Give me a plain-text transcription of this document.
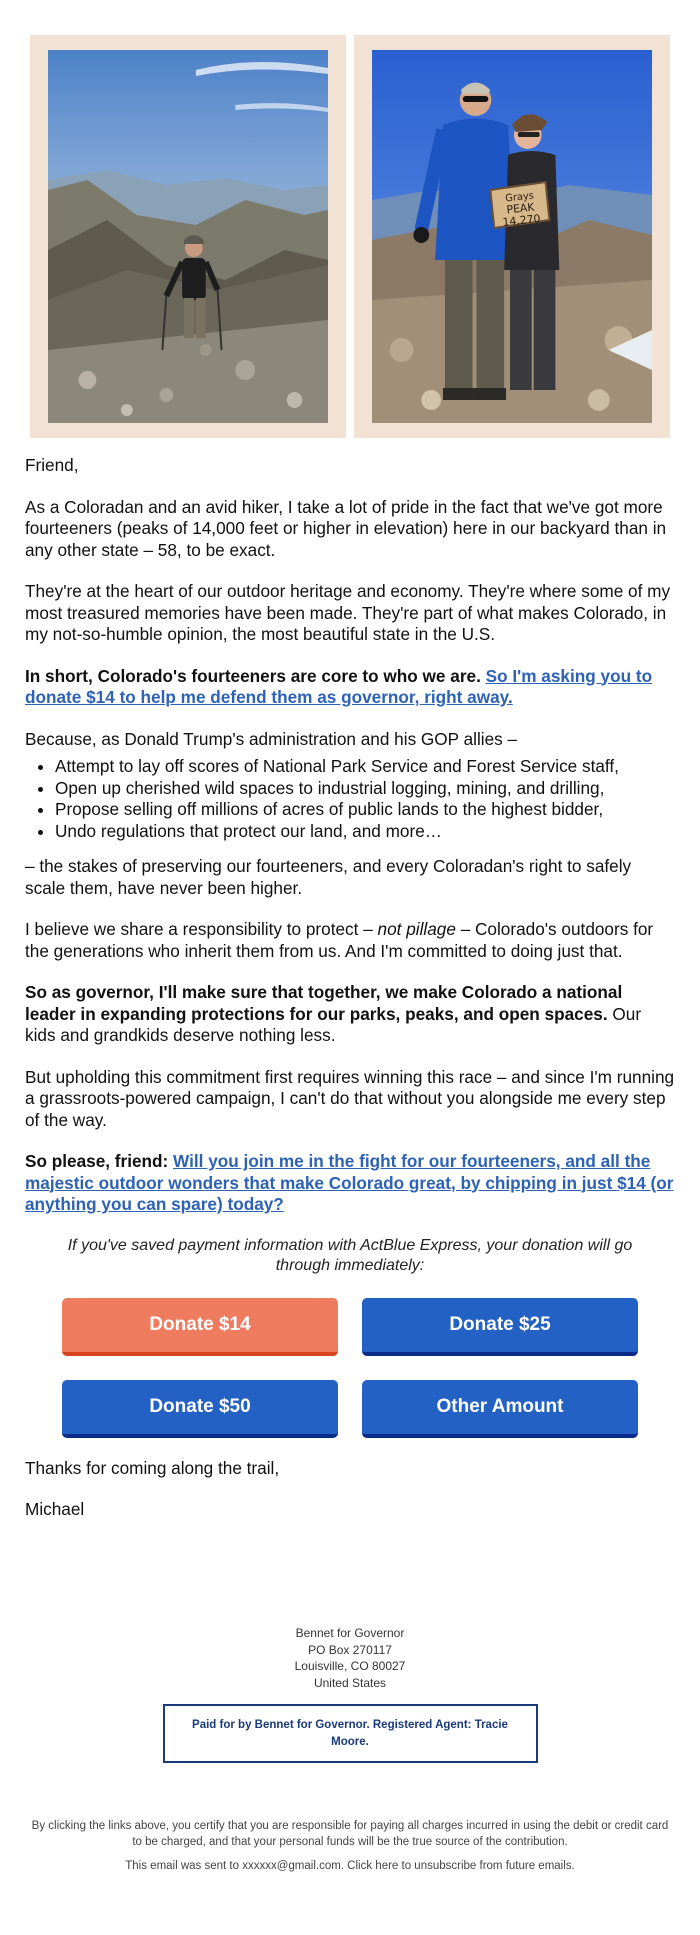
Grays
PEAK
14,270

Friend,

As a Coloradan and an avid hiker, I take a lot of pride in the fact that we've got more fourteeners (peaks of 14,000 feet or higher in elevation) here in our backyard than in any other state – 58, to be exact.

They're at the heart of our outdoor heritage and economy. They're where some of my most treasured memories have been made. They're part of what makes Colorado, in my not-so-humble opinion, the most beautiful state in the U.S.

In short, Colorado's fourteeners are core to who we are. So I'm asking you to donate $14 to help me defend them as governor, right away.

Because, as Donald Trump's administration and his GOP allies –

• Attempt to lay off scores of National Park Service and Forest Service staff,
• Open up cherished wild spaces to industrial logging, mining, and drilling,
• Propose selling off millions of acres of public lands to the highest bidder,
• Undo regulations that protect our land, and more…

– the stakes of preserving our fourteeners, and every Coloradan's right to safely scale them, have never been higher.

I believe we share a responsibility to protect – not pillage – Colorado's outdoors for the generations who inherit them from us. And I'm committed to doing just that.

So as governor, I'll make sure that together, we make Colorado a national leader in expanding protections for our parks, peaks, and open spaces. Our kids and grandkids deserve nothing less.

But upholding this commitment first requires winning this race – and since I'm running a grassroots-powered campaign, I can't do that without you alongside me every step of the way.

So please, friend: Will you join me in the fight for our fourteeners, and all the majestic outdoor wonders that make Colorado great, by chipping in just $14 (or anything you can spare) today?

If you've saved payment information with ActBlue Express, your donation will go through immediately:
Donate $14	Donate $25
Donate $50	Other Amount

Thanks for coming along the trail,

Michael

Bennet for Governor
PO Box 270117
Louisville, CO 80027
United States
Paid for by Bennet for Governor. Registered Agent: Tracie Moore.

By clicking the links above, you certify that you are responsible for paying all charges incurred in using the debit or credit card to be charged, and that your personal funds will be the true source of the contribution.

This email was sent to xxxxxx@gmail.com. Click here to unsubscribe from future emails.
